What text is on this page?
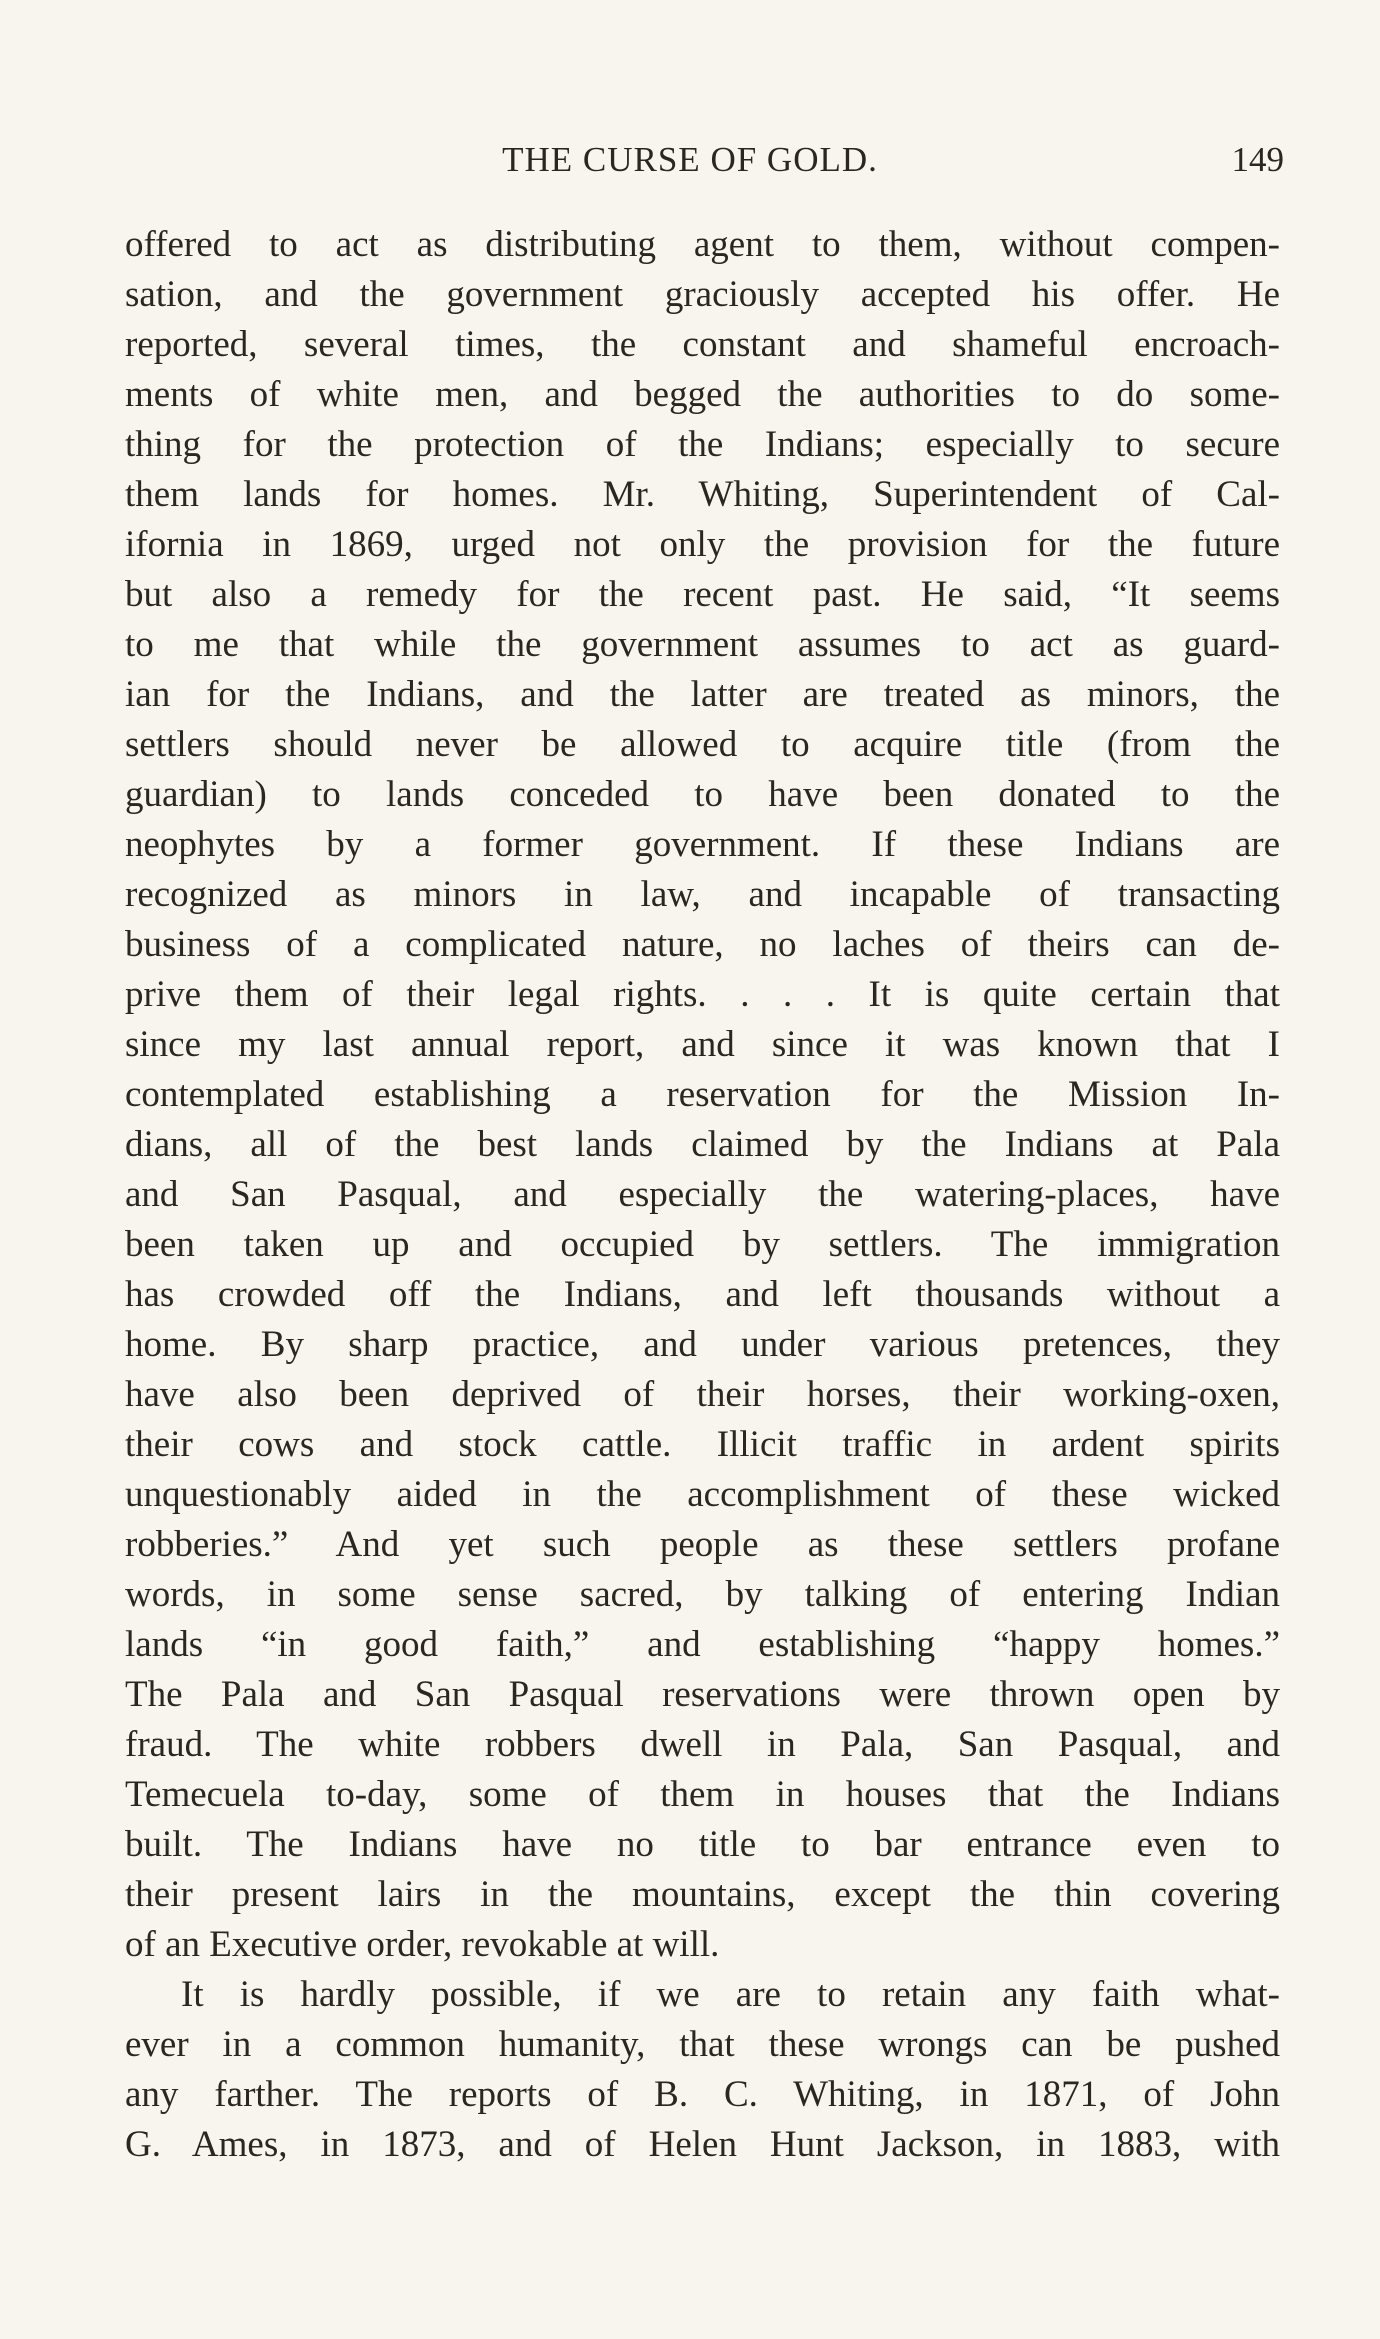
THE CURSE OF GOLD.	149
offered to act as distributing agent to them, without compen-
sation, and the government graciously accepted his offer. He
reported, several times, the constant and shameful encroach-
ments of white men, and begged the authorities to do some-
thing for the protection of the Indians; especially to secure
them lands for homes. Mr. Whiting, Superintendent of Cal-
ifornia in 1869, urged not only the provision for the future
but also a remedy for the recent past. He said, “It seems
to me that while the government assumes to act as guard-
ian for the Indians, and the latter are treated as minors, the
settlers should never be allowed to acquire title (from the
guardian) to lands conceded to have been donated to the
neophytes by a former government. If these Indians are
recognized as minors in law, and incapable of transacting
business of a complicated nature, no laches of theirs can de-
prive them of their legal rights. . . . It is quite certain that
since my last annual report, and since it was known that I
contemplated establishing a reservation for the Mission In-
dians, all of the best lands claimed by the Indians at Pala
and San Pasqual, and especially the watering-places, have
been taken up and occupied by settlers. The immigration
has crowded off the Indians, and left thousands without a
home. By sharp practice, and under various pretences, they
have also been deprived of their horses, their working-oxen,
their cows and stock cattle. Illicit traffic in ardent spirits
unquestionably aided in the accomplishment of these wicked
robberies.” And yet such people as these settlers profane
words, in some sense sacred, by talking of entering Indian
lands “in good faith,” and establishing “happy homes.”
The Pala and San Pasqual reservations were thrown open by
fraud. The white robbers dwell in Pala, San Pasqual, and
Temecuela to-day, some of them in houses that the Indians
built. The Indians have no title to bar entrance even to
their present lairs in the mountains, except the thin covering
of an Executive order, revokable at will.
It is hardly possible, if we are to retain any faith what-
ever in a common humanity, that these wrongs can be pushed
any farther. The reports of B. C. Whiting, in 1871, of John
G. Ames, in 1873, and of Helen Hunt Jackson, in 1883, with
